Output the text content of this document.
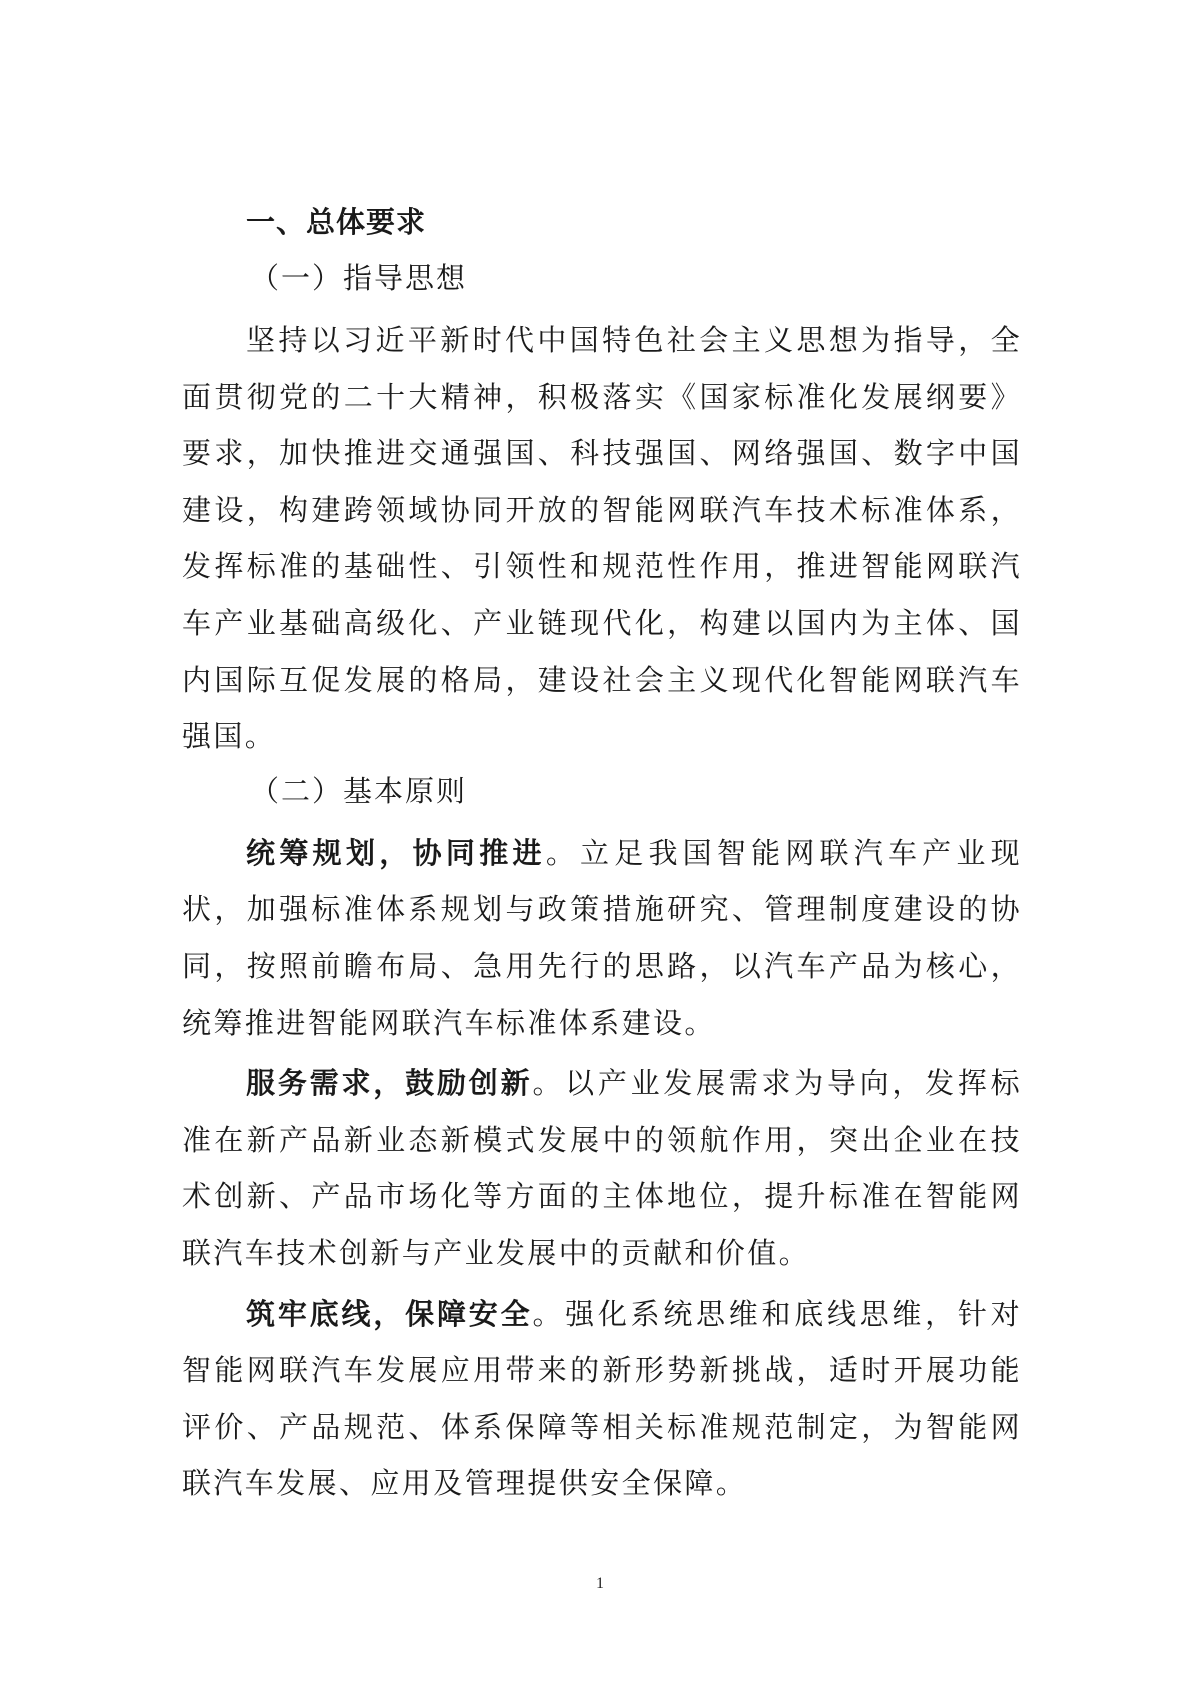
一、总体要求
（一）指导思想

坚持以习近平新时代中国特色社会主义思想为指导，全面贯彻党的二十大精神，积极落实《国家标准化发展纲要》要求，加快推进交通强国、科技强国、网络强国、数字中国建设，构建跨领域协同开放的智能网联汽车技术标准体系，发挥标准的基础性、引领性和规范性作用，推进智能网联汽车产业基础高级化、产业链现代化，构建以国内为主体、国内国际互促发展的格局，建设社会主义现代化智能网联汽车强国。

（二）基本原则

统筹规划，协同推进。立足我国智能网联汽车产业现状，加强标准体系规划与政策措施研究、管理制度建设的协同，按照前瞻布局、急用先行的思路，以汽车产品为核心，统筹推进智能网联汽车标准体系建设。

服务需求，鼓励创新。以产业发展需求为导向，发挥标准在新产品新业态新模式发展中的领航作用，突出企业在技术创新、产品市场化等方面的主体地位，提升标准在智能网联汽车技术创新与产业发展中的贡献和价值。

筑牢底线，保障安全。强化系统思维和底线思维，针对智能网联汽车发展应用带来的新形势新挑战，适时开展功能评价、产品规范、体系保障等相关标准规范制定，为智能网联汽车发展、应用及管理提供安全保障。

1
